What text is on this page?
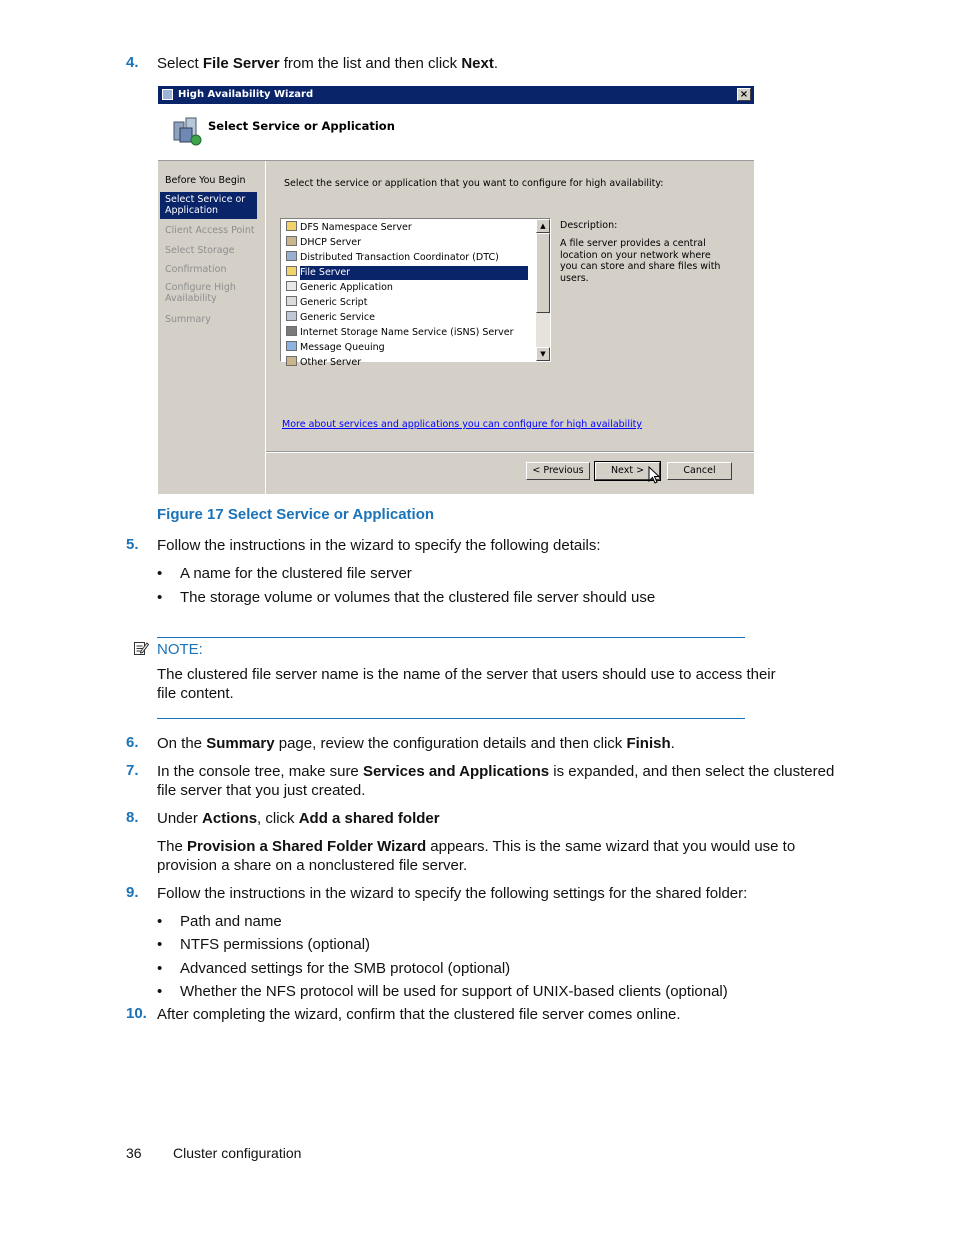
4. Select File Server from the list and then click Next.
High Availability Wizard	×
Select Service or Application
Before You Begin
Select Service or Application
Client Access Point
Select Storage
Confirmation
Configure High Availability
Summary
Select the service or application that you want to configure for high availability:
DFS Namespace Server
DHCP Server
Distributed Transaction Coordinator (DTC)
File Server
Generic Application
Generic Script
Generic Service
Internet Storage Name Service (iSNS) Server
Message Queuing
Other Server
▲
▼
Description:
A file server provides a central location on your network where you can store and share files with users.
More about services and applications you can configure for high availability
< Previous	Next >	Cancel
Figure 17 Select Service or Application
5. Follow the instructions in the wizard to specify the following details:
• A name for the clustered file server
• The storage volume or volumes that the clustered file server should use
NOTE:
The clustered file server name is the name of the server that users should use to access their
file content.
6. On the Summary page, review the configuration details and then click Finish.
7. In the console tree, make sure Services and Applications is expanded, and then select the clustered
file server that you just created.
8. Under Actions, click Add a shared folder
The Provision a Shared Folder Wizard appears. This is the same wizard that you would use to
provision a share on a nonclustered file server.
9. Follow the instructions in the wizard to specify the following settings for the shared folder:
• Path and name
• NTFS permissions (optional)
• Advanced settings for the SMB protocol (optional)
• Whether the NFS protocol will be used for support of UNIX-based clients (optional)
10. After completing the wizard, confirm that the clustered file server comes online.
36 Cluster configuration
